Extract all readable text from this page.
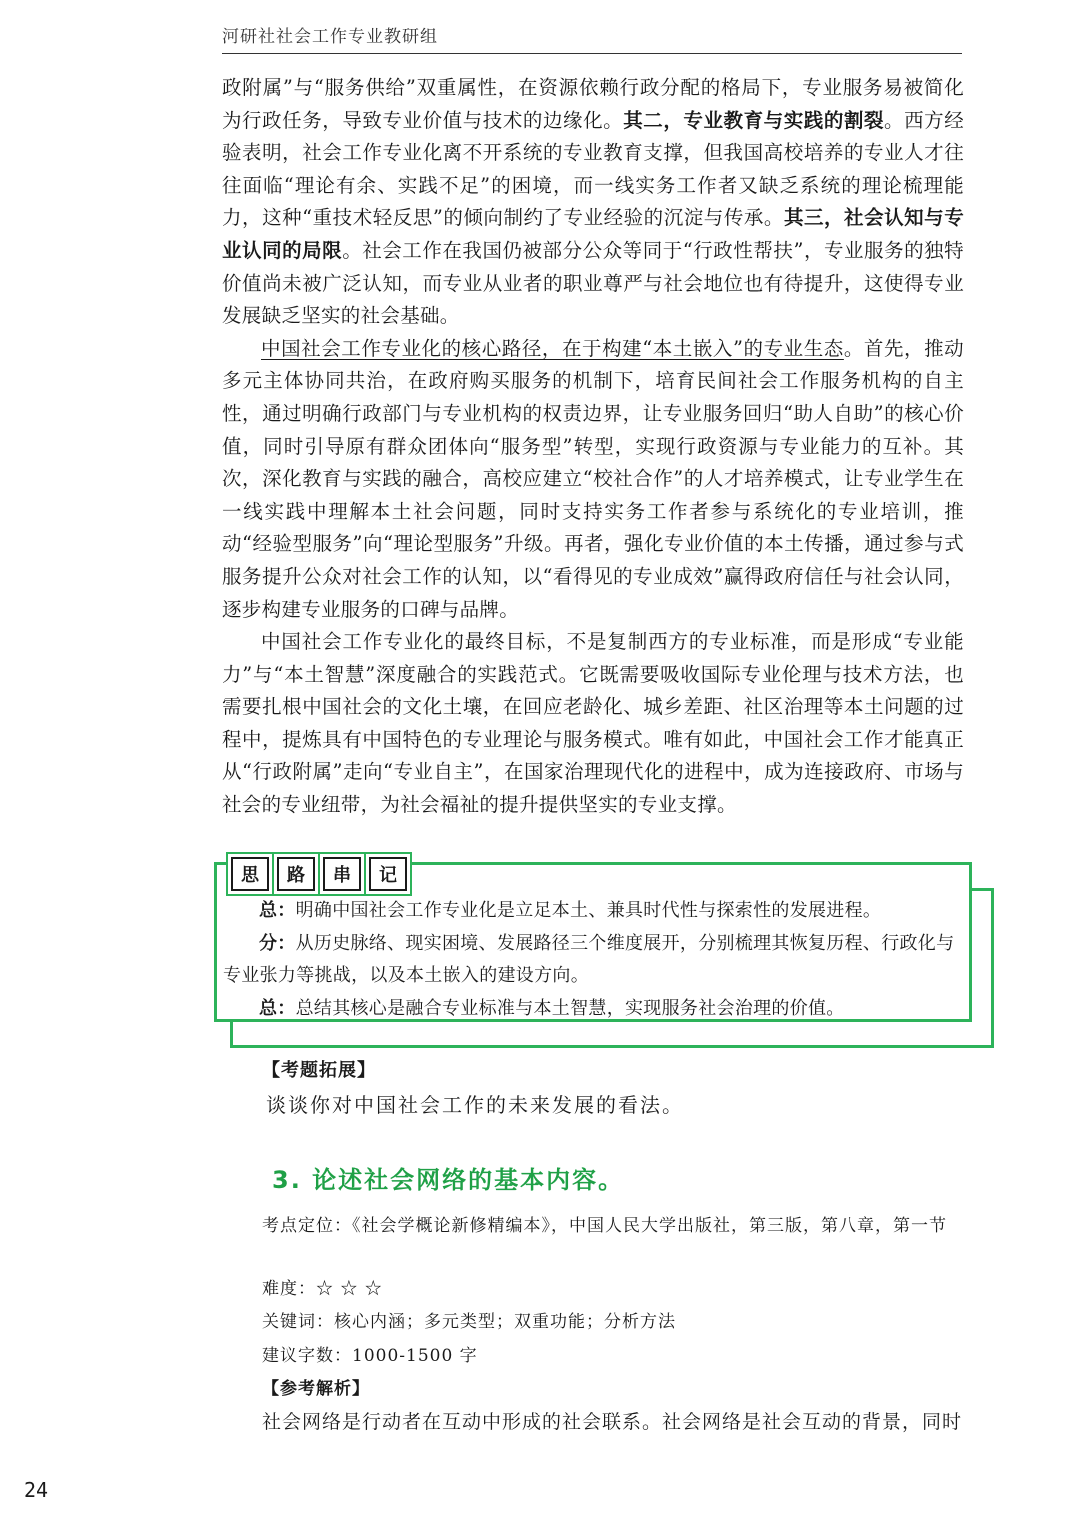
河研社社会工作专业教研组

政附属”与“服务供给”双重属性，在资源依赖行政分配的格局下，专业服务易被简化为行政任务，导致专业价值与技术的边缘化。其二，专业教育与实践的割裂。西方经验表明，社会工作专业化离不开系统的专业教育支撑，但我国高校培养的专业人才往往面临“理论有余、实践不足”的困境，而一线实务工作者又缺乏系统的理论梳理能力，这种“重技术轻反思”的倾向制约了专业经验的沉淀与传承。其三，社会认知与专业认同的局限。社会工作在我国仍被部分公众等同于“行政性帮扶”，专业服务的独特价值尚未被广泛认知，而专业从业者的职业尊严与社会地位也有待提升，这使得专业发展缺乏坚实的社会基础。

中国社会工作专业化的核心路径，在于构建“本土嵌入”的专业生态。首先，推动多元主体协同共治，在政府购买服务的机制下，培育民间社会工作服务机构的自主性，通过明确行政部门与专业机构的权责边界，让专业服务回归“助人自助”的核心价值，同时引导原有群众团体向“服务型”转型，实现行政资源与专业能力的互补。其次，深化教育与实践的融合，高校应建立“校社合作”的人才培养模式，让专业学生在一线实践中理解本土社会问题，同时支持实务工作者参与系统化的专业培训，推动“经验型服务”向“理论型服务”升级。再者，强化专业价值的本土传播，通过参与式服务提升公众对社会工作的认知，以“看得见的专业成效”赢得政府信任与社会认同，逐步构建专业服务的口碑与品牌。

中国社会工作专业化的最终目标，不是复制西方的专业标准，而是形成“专业能力”与“本土智慧”深度融合的实践范式。它既需要吸收国际专业伦理与技术方法，也需要扎根中国社会的文化土壤，在回应老龄化、城乡差距、社区治理等本土问题的过程中，提炼具有中国特色的专业理论与服务模式。唯有如此，中国社会工作才能真正从“行政附属”走向“专业自主”，在国家治理现代化的进程中，成为连接政府、市场与社会的专业纽带，为社会福祉的提升提供坚实的专业支撑。

思	路	串	记

总：明确中国社会工作专业化是立足本土、兼具时代性与探索性的发展进程。

分：从历史脉络、现实困境、发展路径三个维度展开，分别梳理其恢复历程、行政化与专业张力等挑战，以及本土嵌入的建设方向。

总：总结其核心是融合专业标准与本土智慧，实现服务社会治理的价值。

【考题拓展】
谈谈你对中国社会工作的未来发展的看法。
3. 论述社会网络的基本内容。
考点定位：《社会学概论新修精编本》，中国人民大学出版社，第三版，第八章，第一节
难度：☆ ☆ ☆
关键词：核心内涵；多元类型；双重功能；分析方法
建议字数：1000-1500 字
【参考解析】
社会网络是行动者在互动中形成的社会联系。社会网络是社会互动的背景，同时
24
